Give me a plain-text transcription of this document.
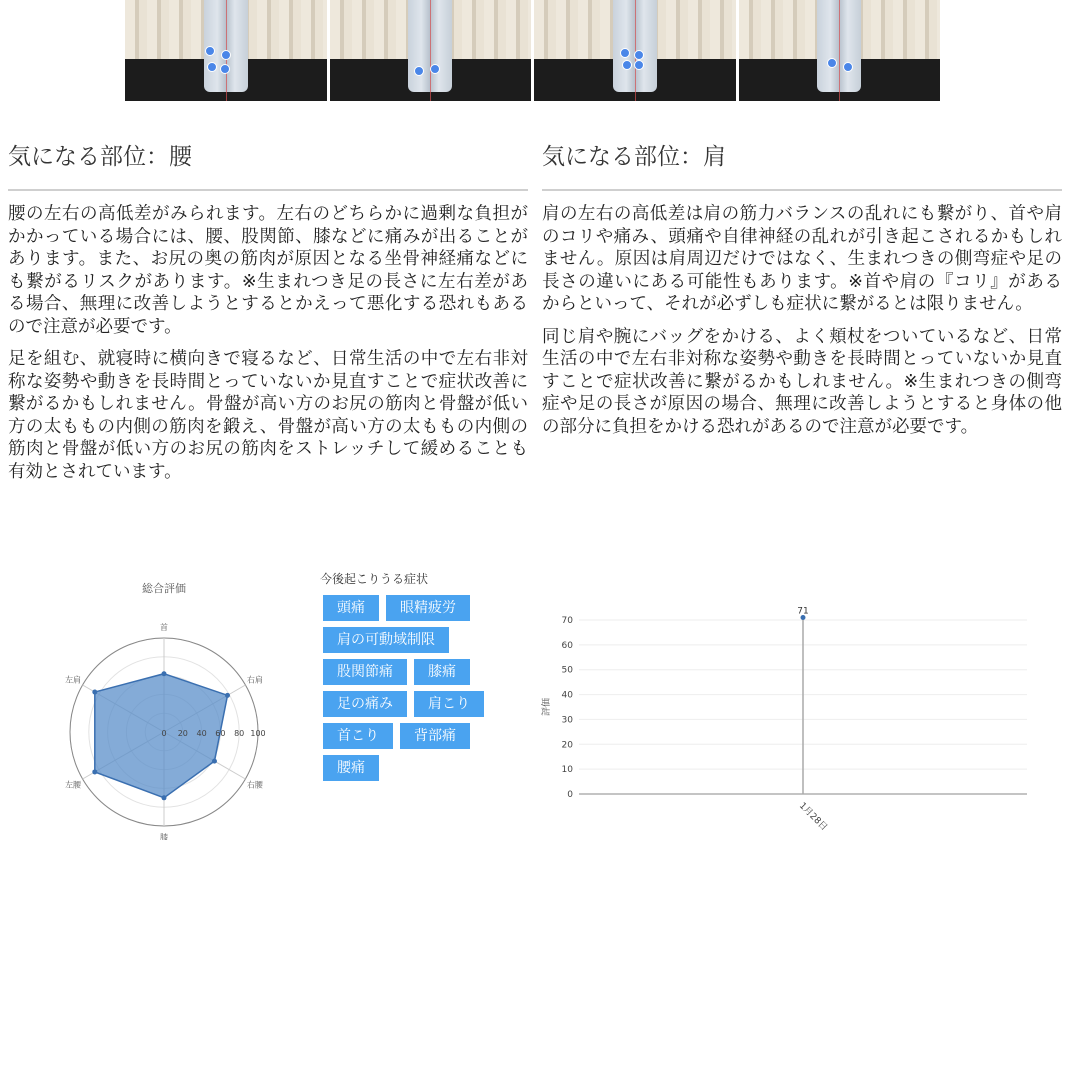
気になる部位：腰

腰の左右の高低差がみられます。左右のどちらかに過剰な負担がかかっている場合には、腰、股関節、膝などに痛みが出ることがあります。また、お尻の奥の筋肉が原因となる坐骨神経痛などにも繋がるリスクがあります。※生まれつき足の長さに左右差がある場合、無理に改善しようとするとかえって悪化する恐れもあるので注意が必要です。

足を組む、就寝時に横向きで寝るなど、日常生活の中で左右非対称な姿勢や動きを長時間とっていないか見直すことで症状改善に繋がるかもしれません。骨盤が高い方のお尻の筋肉と骨盤が低い方の太ももの内側の筋肉を鍛え、骨盤が高い方の太ももの内側の筋肉と骨盤が低い方のお尻の筋肉をストレッチして緩めることも有効とされています。

気になる部位：肩

肩の左右の高低差は肩の筋力バランスの乱れにも繋がり、首や肩のコリや痛み、頭痛や自律神経の乱れが引き起こされるかもしれません。原因は肩周辺だけではなく、生まれつきの側弯症や足の長さの違いにある可能性もあります。※首や肩の『コリ』があるからといって、それが必ずしも症状に繋がるとは限りません。

同じ肩や腕にバッグをかける、よく頬杖をついているなど、日常生活の中で左右非対称な姿勢や動きを長時間とっていないか見直すことで症状改善に繋がるかもしれません。※生まれつきの側弯症や足の長さが原因の場合、無理に改善しようとすると身体の他の部分に負担をかける恐れがあるので注意が必要です。

総合評価
首
右肩
右腰
膝
左腰
左肩
0 20 40 60 80 100
今後起こりうる症状
頭痛	眼精疲労肩の可動域制限股関節痛	膝痛足の痛み	肩こり首こり	背部痛腰痛
0
10
20
30
40
50
60
70
評価
71
1月28日
